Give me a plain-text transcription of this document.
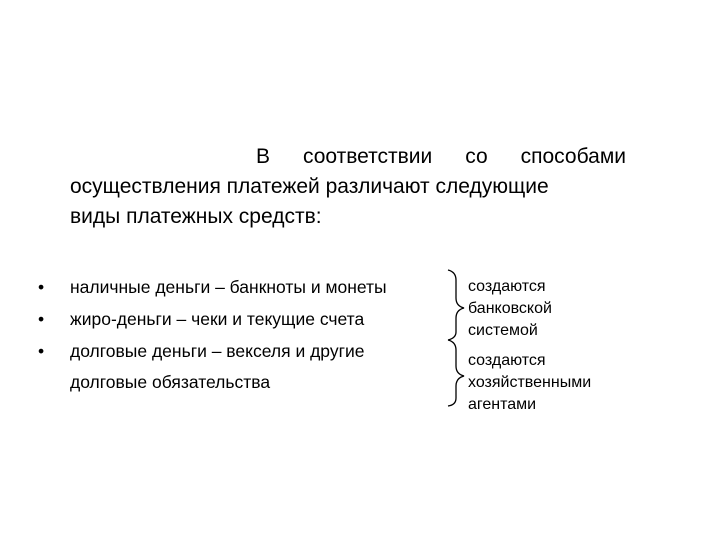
В соответствии со способами
осуществления платежей различают следующие
виды платежных средств:
• наличные деньги – банкноты и монеты
• жиро-деньги – чеки и текущие счета
• долговые деньги – векселя и другие
долговые обязательства
создаются
банковской
системой
создаются
хозяйственными
агентами
